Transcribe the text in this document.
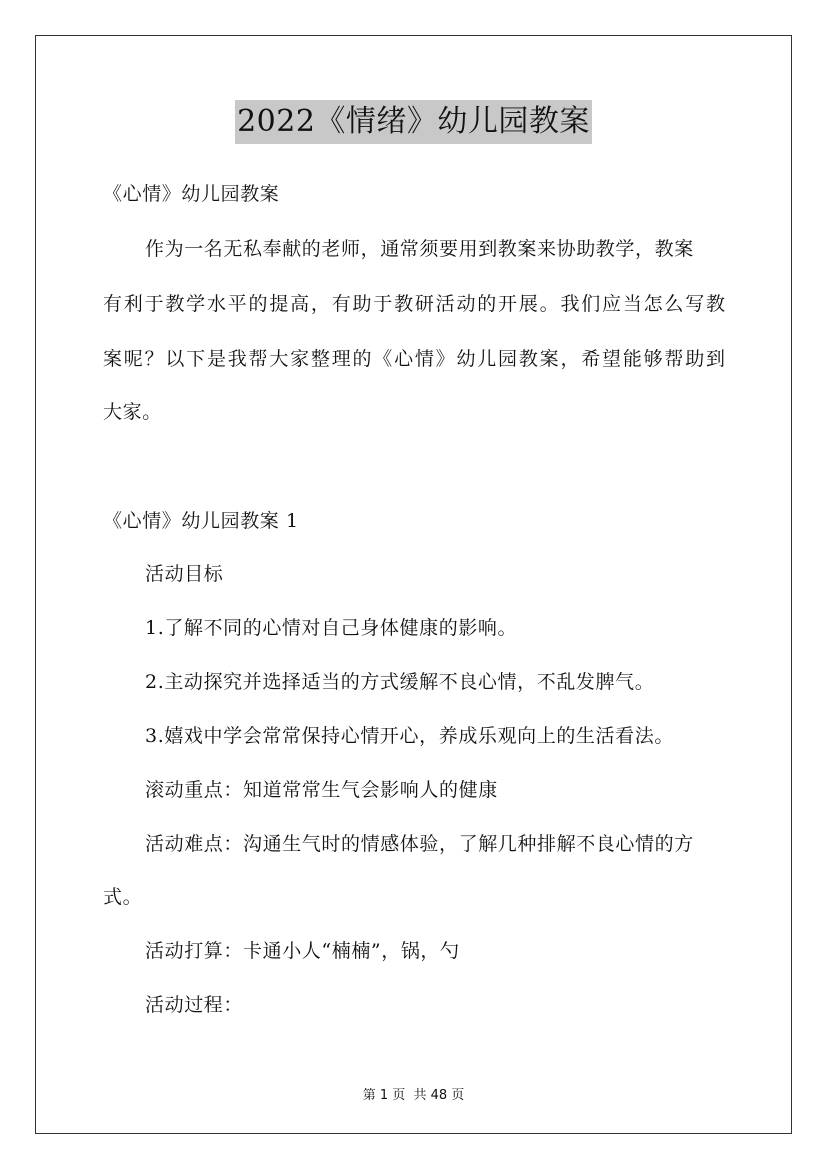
2022《情绪》幼儿园教案
《心情》幼儿园教案
作为一名无私奉献的老师，通常须要用到教案来协助教学，教案
有利于教学水平的提高，有助于教研活动的开展。我们应当怎么写教
案呢？以下是我帮大家整理的《心情》幼儿园教案，希望能够帮助到
大家。
《心情》幼儿园教案 1
活动目标
1.了解不同的心情对自己身体健康的影响。
2.主动探究并选择适当的方式缓解不良心情，不乱发脾气。
3.嬉戏中学会常常保持心情开心，养成乐观向上的生活看法。
滚动重点：知道常常生气会影响人的健康
活动难点：沟通生气时的情感体验，了解几种排解不良心情的方
式。
活动打算：卡通小人“楠楠”，锅，勺
活动过程：
第 1 页 共 48 页
